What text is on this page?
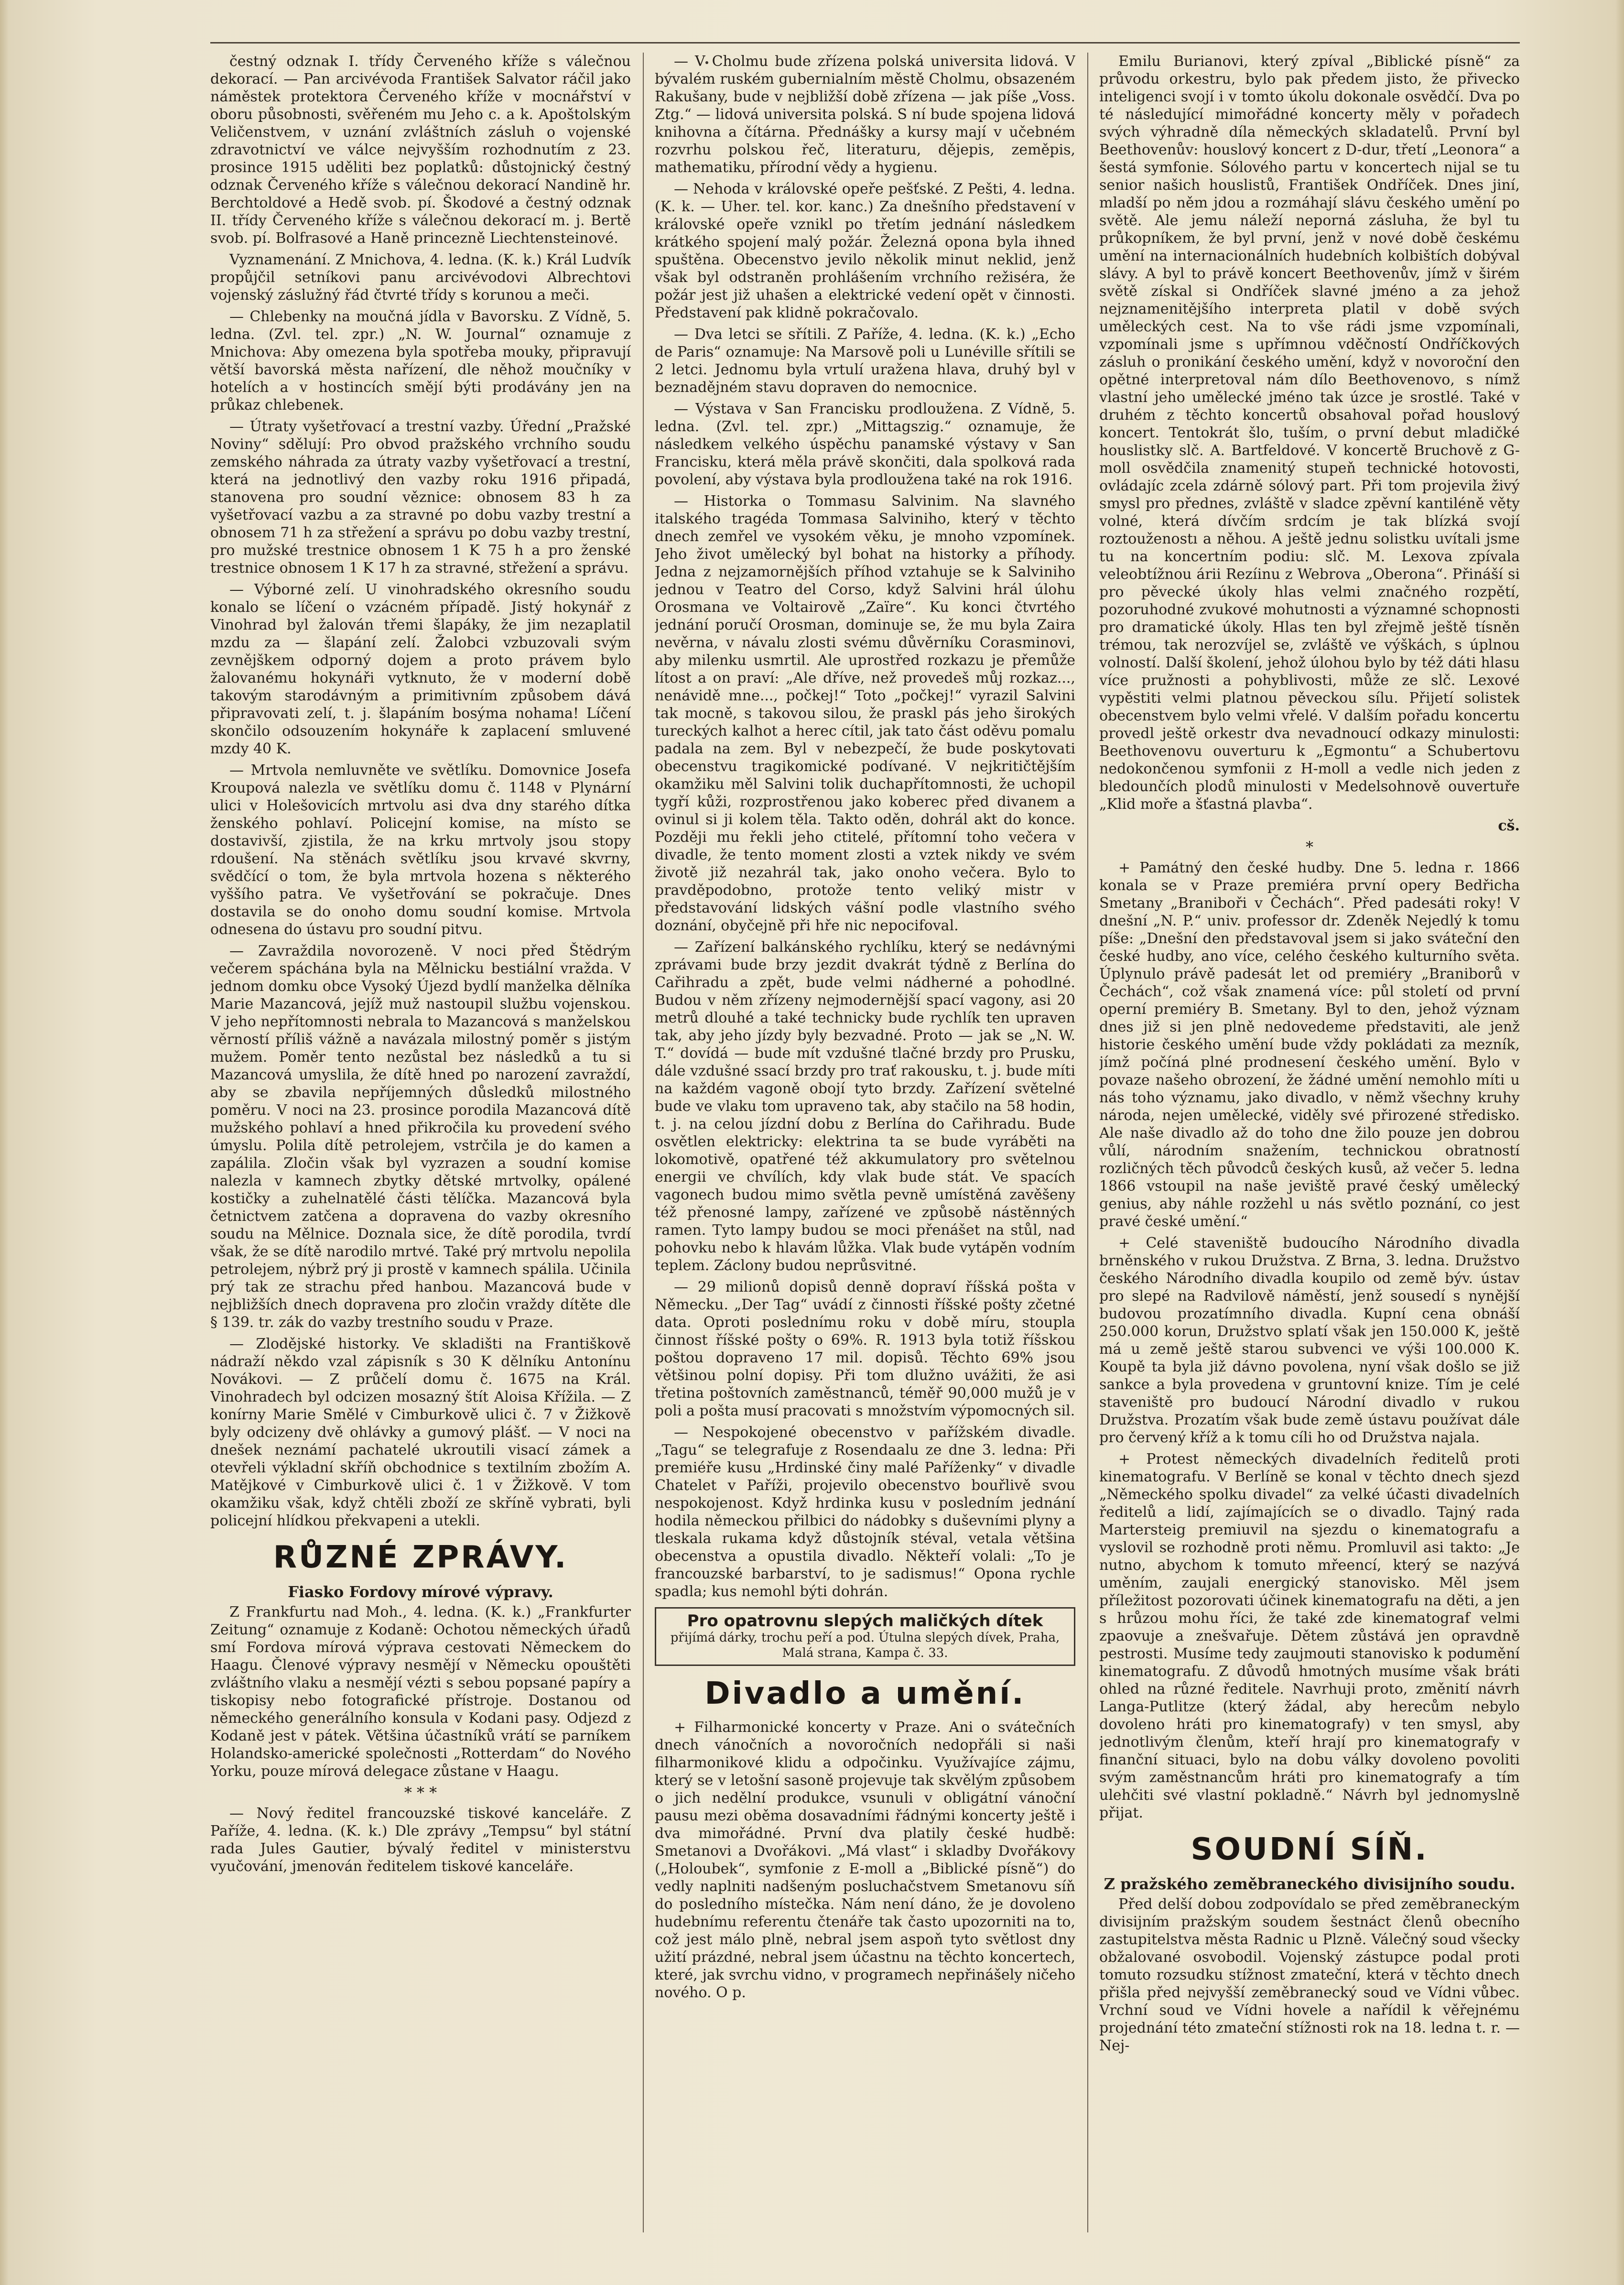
čestný odznak I. třídy Červeného kříže s válečnou dekorací. — Pan arcivévoda František Salvator ráčil jako náměstek protektora Červeného kříže v mocnářství v oboru působnosti, svěřeném mu Jeho c. a k. Apoštolským Veličenstvem, v uznání zvláštních zásluh o vojenské zdravotnictví ve válce nejvyšším rozhodnutím z 23. prosince 1915 uděliti bez poplatků: důstojnický čestný odznak Červeného kříže s válečnou dekorací Nandině hr. Berchtoldové a Hedě svob. pí. Škodové a čestný odznak II. třídy Červeného kříže s válečnou dekorací m. j. Bertě svob. pí. Bolfrasové a Haně princezně Liechtensteinové.

Vyznamenání. Z Mnichova, 4. ledna. (K. k.) Král Ludvík propůjčil setníkovi panu arcivévodovi Albrechtovi vojenský záslužný řád čtvrté třídy s korunou a meči.

— Chlebenky na moučná jídla v Bavorsku. Z Vídně, 5. ledna. (Zvl. tel. zpr.) „N. W. Journal“ oznamuje z Mnichova: Aby omezena byla spotřeba mouky, připravují větší bavorská města nařízení, dle něhož moučníky v hotelích a v hostincích smějí býti prodávány jen na průkaz chlebenek.

— Útraty vyšetřovací a trestní vazby. Úřední „Pražské Noviny“ sdělují: Pro obvod pražského vrchního soudu zemského náhrada za útraty vazby vyšetřovací a trestní, která na jednotlivý den vazby roku 1916 připadá, stanovena pro soudní věznice: obnosem 83 h za vyšetřovací vazbu a za stravné po dobu vazby trestní a obnosem 71 h za střežení a správu po dobu vazby trestní, pro mužské trestnice obnosem 1 K 75 h a pro ženské trestnice obnosem 1 K 17 h za stravné, střežení a správu.

— Výborné zelí. U vinohradského okresního soudu konalo se líčení o vzácném případě. Jistý hokynář z Vinohrad byl žalován třemi šlapáky, že jim nezaplatil mzdu za — šlapání zelí. Žalobci vzbuzovali svým zevnějškem odporný dojem a proto právem bylo žalovanému hokynáři vytknuto, že v moderní době takovým starodávným a primitivním způsobem dává připravovati zelí, t. j. šlapáním bosýma nohama! Líčení skončilo odsouzením hokynáře k zaplacení smluvené mzdy 40 K.

— Mrtvola nemluvněte ve světlíku. Domovnice Josefa Kroupová nalezla ve světlíku domu č. 1148 v Plynární ulici v Holešovicích mrtvolu asi dva dny starého dítka ženského pohlaví. Policejní komise, na místo se dostavivší, zjistila, že na krku mrtvoly jsou stopy rdoušení. Na stěnách světlíku jsou krvavé skvrny, svědčící o tom, že byla mrtvola hozena s některého vyššího patra. Ve vyšetřování se pokračuje. Dnes dostavila se do onoho domu soudní komise. Mrtvola odnesena do ústavu pro soudní pitvu.

— Zavraždila novorozeně. V noci před Štědrým večerem spáchána byla na Mělnicku bestiální vražda. V jednom domku obce Vysoký Újezd bydlí manželka dělníka Marie Mazancová, jejíž muž nastoupil službu vojenskou. V jeho nepřítomnosti nebrala to Mazancová s manželskou věrností příliš vážně a navázala milostný poměr s jistým mužem. Poměr tento nezůstal bez následků a tu si Mazancová umyslila, že dítě hned po narození zavraždí, aby se zbavila nepříjemných důsledků milostného poměru. V noci na 23. prosince porodila Mazancová dítě mužského pohlaví a hned přikročila ku provedení svého úmyslu. Polila dítě petrolejem, vstrčila je do kamen a zapálila. Zločin však byl vyzrazen a soudní komise nalezla v kamnech zbytky dětské mrtvolky, opálené kostičky a zuhelnatělé části tělíčka. Mazancová byla četnictvem zatčena a dopravena do vazby okresního soudu na Mělnice. Doznala sice, že dítě porodila, tvrdí však, že se dítě narodilo mrtvé. Také prý mrtvolu nepolila petrolejem, nýbrž prý ji prostě v kamnech spálila. Učinila prý tak ze strachu před hanbou. Mazancová bude v nejbližších dnech dopravena pro zločin vraždy dítěte dle § 139. tr. zák do vazby trestního soudu v Praze.

— Zlodějské historky. Ve skladišti na Františkově nádraží někdo vzal zápisník s 30 K dělníku Antonínu Novákovi. — Z průčelí domu č. 1675 na Král. Vinohradech byl odcizen mosazný štít Aloisa Křížila. — Z konírny Marie Smělé v Cimburkově ulici č. 7 v Žižkově byly odcizeny dvě ohlávky a gumový plášť. — V noci na dnešek neznámí pachatelé ukroutili visací zámek a otevřeli výkladní skříň obchodnice s textilním zbožím A. Matějkové v Cimburkově ulici č. 1 v Žižkově. V tom okamžiku však, když chtěli zboží ze skříně vybrati, byli policejní hlídkou překvapeni a utekli.

RŮZNÉ ZPRÁVY.
Fiasko Fordovy mírové výpravy.

Z Frankfurtu nad Moh., 4. ledna. (K. k.) „Frankfurter Zeitung“ oznamuje z Kodaně: Ochotou německých úřadů smí Fordova mírová výprava cestovati Německem do Haagu. Členové výpravy nesmějí v Německu opouštěti zvláštního vlaku a nesmějí vézti s sebou popsané papíry a tiskopisy nebo fotografické přístroje. Dostanou od německého generálního konsula v Kodani pasy. Odjezd z Kodaně jest v pátek. Většina účastníků vrátí se parníkem Holandsko-americké společnosti „Rotterdam“ do Nového Yorku, pouze mírová delegace zůstane v Haagu.

* * *

— Nový ředitel francouzské tiskové kanceláře. Z Paříže, 4. ledna. (K. k.) Dle zprávy „Tempsu“ byl státní rada Jules Gautier, bývalý ředitel v ministerstvu vyučování, jmenován ředitelem tiskové kanceláře.

— V Cholmu bude zřízena polská universita lidová. V bývalém ruském gubernialním městě Cholmu, obsazeném Rakušany, bude v nejbližší době zřízena — jak píše „Voss. Ztg.“ — lidová universita polská. S ní bude spojena lidová knihovna a čítárna. Přednášky a kursy mají v učebném rozvrhu polskou řeč, literaturu, dějepis, zeměpis, mathematiku, přírodní vědy a hygienu.

— Nehoda v královské opeře pešťské. Z Pešti, 4. ledna. (K. k. — Uher. tel. kor. kanc.) Za dnešního představení v královské opeře vznikl po třetím jednání následkem krátkého spojení malý požár. Železná opona byla ihned spuštěna. Obecenstvo jevilo několik minut neklid, jenž však byl odstraněn prohlášením vrchního režiséra, že požár jest již uhašen a elektrické vedení opět v činnosti. Představení pak klidně pokračovalo.

— Dva letci se sřítili. Z Paříže, 4. ledna. (K. k.) „Echo de Paris“ oznamuje: Na Marsově poli u Lunéville sřítili se 2 letci. Jednomu byla vrtulí uražena hlava, druhý byl v beznadějném stavu dopraven do nemocnice.

— Výstava v San Francisku prodloužena. Z Vídně, 5. ledna. (Zvl. tel. zpr.) „Mittagszig.“ oznamuje, že následkem velkého úspěchu panamské výstavy v San Francisku, která měla právě skončiti, dala spolková rada povolení, aby výstava byla prodloužena také na rok 1916.

— Historka o Tommasu Salvinim. Na slavného italského tragéda Tommasa Salviniho, který v těchto dnech zemřel ve vysokém věku, je mnoho vzpomínek. Jeho život umělecký byl bohat na historky a příhody. Jedna z nejzamornějších příhod vztahuje se k Salviniho jednou v Teatro del Corso, když Salvini hrál úlohu Orosmana ve Voltairově „Zaïre“. Ku konci čtvrtého jednání poručí Orosman, dominuje se, že mu byla Zaira nevěrna, v návalu zlosti svému důvěrníku Corasminovi, aby milenku usmrtil. Ale uprostřed rozkazu je přemůže lítost a on praví: „Ale dříve, než provedeš můj rozkaz..., nenávidě mne..., počkej!“ Toto „počkej!“ vyrazil Salvini tak mocně, s takovou silou, že praskl pás jeho širokých tureckých kalhot a herec cítil, jak tato část oděvu pomalu padala na zem. Byl v nebezpečí, že bude poskytovati obecenstvu tragikomické podívané. V nejkritičtějším okamžiku měl Salvini tolik duchapřítomnosti, že uchopil tygří kůži, rozprostřenou jako koberec před divanem a ovinul si ji kolem těla. Takto oděn, dohrál akt do konce. Později mu řekli jeho ctitelé, přítomní toho večera v divadle, že tento moment zlosti a vztek nikdy ve svém životě již nezahrál tak, jako onoho večera. Bylo to pravděpodobno, protože tento veliký mistr v představování lidských vášní podle vlastního svého doznání, obyčejně při hře nic nepocifoval.

— Zařízení balkánského rychlíku, který se nedávnými zprávami bude brzy jezdit dvakrát týdně z Berlína do Cařihradu a zpět, bude velmi nádherné a pohodlné. Budou v něm zřízeny nejmodernější spací vagony, asi 20 metrů dlouhé a také technicky bude rychlík ten upraven tak, aby jeho jízdy byly bezvadné. Proto — jak se „N. W. T.“ dovídá — bude mít vzdušné tlačné brzdy pro Prusku, dále vzdušné ssací brzdy pro trať rakousku, t. j. bude míti na každém vagoně obojí tyto brzdy. Zařízení světelné bude ve vlaku tom upraveno tak, aby stačilo na 58 hodin, t. j. na celou jízdní dobu z Berlína do Cařihradu. Bude osvětlen elektricky: elektrina ta se bude vyráběti na lokomotivě, opatřené též akkumulatory pro světelnou energii ve chvílích, kdy vlak bude stát. Ve spacích vagonech budou mimo světla pevně umístěná zavěšeny též přenosné lampy, zařízené ve způsobě nástěnných ramen. Tyto lampy budou se moci přenášet na stůl, nad pohovku nebo k hlavám lůžka. Vlak bude vytápěn vodním teplem. Záclony budou neprůsvitné.

— 29 milionů dopisů denně dopraví říšská pošta v Německu. „Der Tag“ uvádí z činnosti říšské pošty zčetné data. Oproti poslednímu roku v době míru, stoupla činnost říšské pošty o 69%. R. 1913 byla totiž říšskou poštou dopraveno 17 mil. dopisů. Těchto 69% jsou většinou polní dopisy. Při tom dlužno uvážiti, že asi třetina poštovních zaměstnanců, téměř 90,000 mužů je v poli a pošta musí pracovati s množstvím výpomocných sil.

— Nespokojené obecenstvo v pařížském divadle. „Tagu“ se telegrafuje z Rosendaalu ze dne 3. ledna: Při premiéře kusu „Hrdinské činy malé Paříženky“ v divadle Chatelet v Paříži, projevilo obecenstvo bouřlivě svou nespokojenost. Když hrdinka kusu v posledním jednání hodila německou přilbici do nádobky s duševními plyny a tleskala rukama když důstojník stéval, vetala většina obecenstva a opustila divadlo. Někteří volali: „To je francouzské barbarství, to je sadismus!“ Opona rychle spadla; kus nemohl býti dohrán.

Pro opatrovnu slepých maličkých dítek
přijímá dárky, trochu peří a pod. Útulna slepých dívek, Praha, Malá strana, Kampa č. 33.
Divadlo a umění.

+ Filharmonické koncerty v Praze. Ani o svátečních dnech vánočních a novoročních nedopřáli si naši filharmonikové klidu a odpočinku. Využívajíce zájmu, který se v letošní sasoně projevuje tak skvělým způsobem o jich nedělní produkce, vsunuli v obligátní vánoční pausu mezi oběma dosavadními řádnými koncerty ještě i dva mimořádné. První dva platily české hudbě: Smetanovi a Dvořákovi. „Má vlast“ i skladby Dvořákovy („Holoubek“, symfonie z E-moll a „Biblické písně“) do vedly naplniti nadšeným posluchačstvem Smetanovu síň do posledního místečka. Nám není dáno, že je dovoleno hudebnímu referentu čtenáře tak často upozorniti na to, což jest málo plně, nebral jsem aspoň tyto světlost dny užití prázdné, nebral jsem účastnu na těchto koncertech, které, jak svrchu vidno, v programech nepřinášely ničeho nového. O p.

Emilu Burianovi, který zpíval „Biblické písně“ za průvodu orkestru, bylo pak předem jisto, že přivecko inteligenci svojí i v tomto úkolu dokonale osvědčí. Dva po té následující mimořádné koncerty měly v pořadech svých výhradně díla německých skladatelů. První byl Beethovenův: houslový koncert z D-dur, třetí „Leonora“ a šestá symfonie. Sólového partu v koncertech nijal se tu senior našich houslistů, František Ondříček. Dnes jiní, mladší po něm jdou a rozmáhají slávu českého umění po světě. Ale jemu náleží neporná zásluha, že byl tu průkopníkem, že byl první, jenž v nové době českému umění na internacionálních hudebních kolbištích dobýval slávy. A byl to právě koncert Beethovenův, jímž v širém světě získal si Ondříček slavné jméno a za jehož nejznamenitějšího interpreta platil v době svých uměleckých cest. Na to vše rádi jsme vzpomínali, vzpomínali jsme s upřímnou vděčností Ondříčkových zásluh o pronikání českého umění, když v novoroční den opětné interpretoval nám dílo Beethovenovo, s nímž vlastní jeho umělecké jméno tak úzce je srostlé. Také v druhém z těchto koncertů obsahoval pořad houslový koncert. Tentokrát šlo, tuším, o první debut mladičké houslistky slč. A. Bartfeldové. V koncertě Bruchově z G-moll osvědčila znamenitý stupeň technické hotovosti, ovládajíc zcela zdárně sólový part. Při tom projevila živý smysl pro přednes, zvláště v sladce zpěvní kantiléně věty volné, která dívčím srdcím je tak blízká svojí roztouženostı a něhou. A ještě jednu solistku uvítali jsme tu na koncertním podiu: slč. M. Lexova zpívala veleobtížnou árii Rezíinu z Webrova „Oberona“. Přináší si pro pěvecké úkoly hlas velmi značného rozpětí, pozoruhodné zvukové mohutnosti a významné schopnosti pro dramatické úkoly. Hlas ten byl zřejmě ještě tísněn trémou, tak nerozvíjel se, zvláště ve výškách, s úplnou volností. Další školení, jehož úlohou bylo by též dáti hlasu více pružnosti a pohyblivosti, může ze slč. Lexové vypěstiti velmi platnou pěveckou sílu. Přijetí solistek obecenstvem bylo velmi vřelé. V dalším pořadu koncertu provedl ještě orkestr dva nevadnoucí odkazy minulosti: Beethovenovu ouverturu k „Egmontu“ a Schubertovu nedokončenou symfonii z H-moll a vedle nich jeden z bledounčích plodů minulosti v Medelsohnově ouvertuře „Klid moře a šťastná plavba“.

cš.
*

+ Památný den české hudby. Dne 5. ledna r. 1866 konala se v Praze premiéra první opery Bedřicha Smetany „Braniboři v Čechách“. Před padesáti roky! V dnešní „N. P.“ univ. professor dr. Zdeněk Nejedlý k tomu píše: „Dnešní den představoval jsem si jako sváteční den české hudby, ano více, celého českého kulturního světa. Úplynulo právě padesát let od premiéry „Braniborů v Čechách“, což však znamená více: půl století od první operní premiéry B. Smetany. Byl to den, jehož význam dnes již si jen plně nedovedeme představiti, ale jenž historie českého umění bude vždy pokládati za mezník, jímž počíná plné prodnesení českého umění. Bylo v povaze našeho obrození, že žádné umění nemohlo míti u nás toho významu, jako divadlo, v němž všechny kruhy národa, nejen umělecké, viděly své přirozené středisko. Ale naše divadlo až do toho dne žilo pouze jen dobrou vůlí, národním snažením, technickou obratností rozličných těch původců českých kusů, až večer 5. ledna 1866 vstoupil na naše jeviště pravé český umělecký genius, aby náhle rozžehl u nás světlo poznání, co jest pravé české umění.“

+ Celé staveniště budoucího Národního divadla brněnského v rukou Družstva. Z Brna, 3. ledna. Družstvo českého Národního divadla koupilo od země býv. ústav pro slepé na Radvilově náměstí, jenž sousedí s nynější budovou prozatímního divadla. Kupní cena obnáší 250.000 korun, Družstvo splatí však jen 150.000 K, ještě má u země ještě starou subvenci ve výši 100.000 K. Koupě ta byla již dávno povolena, nyní však došlo se již sankce a byla provedena v gruntovní knize. Tím je celé staveniště pro budoucí Národní divadlo v rukou Družstva. Prozatím však bude země ústavu používat dále pro červený kříž a k tomu cíli ho od Družstva najala.

+ Protest německých divadelních ředitelů proti kinematografu. V Berlíně se konal v těchto dnech sjezd „Německého spolku divadel“ za velké účasti divadelních ředitelů a lidí, zajímajících se o divadlo. Tajný rada Martersteig premiuvil na sjezdu o kinematografu a vyslovil se rozhodně proti němu. Promluvil asi takto: „Je nutno, abychom k tomuto mřeencí, který se nazývá uměním, zaujali energický stanovisko. Měl jsem příležitost pozorovati účinek kinematografu na děti, a jen s hrůzou mohu říci, že také zde kinematograf velmi zpaovuje a znešvařuje. Dětem zůstává jen opravdně pestrosti. Musíme tedy zaujmouti stanovisko k podumění kinematografu. Z důvodů hmotných musíme však bráti ohled na různé ředitele. Navrhuji proto, změnití návrh Langa-Putlitze (který žádal, aby herecům nebylo dovoleno hráti pro kinematografy) v ten smysl, aby jednotlivým členům, kteří hrají pro kinematografy v finanční situaci, bylo na dobu války dovoleno povoliti svým zaměstnancům hráti pro kinematografy a tím ulehčiti své vlastní pokladně.“ Návrh byl jednomyslně přijat.

SOUDNÍ SÍŇ.
Z pražského zeměbraneckého divisijního soudu.

Před delší dobou zodpovídalo se před zeměbraneckým divisijním pražským soudem šestnáct členů obecního zastupitelstva města Radnic u Plzně. Válečný soud všecky obžalované osvobodil. Vojenský zástupce podal proti tomuto rozsudku stížnost zmateční, která v těchto dnech přišla před nejvyšší zeměbranecký soud ve Vídni vůbec. Vrchní soud ve Vídni hovele a nařídil k věřejnému projednání této zmateční stížnosti rok na 18. ledna t. r. — Nej-
